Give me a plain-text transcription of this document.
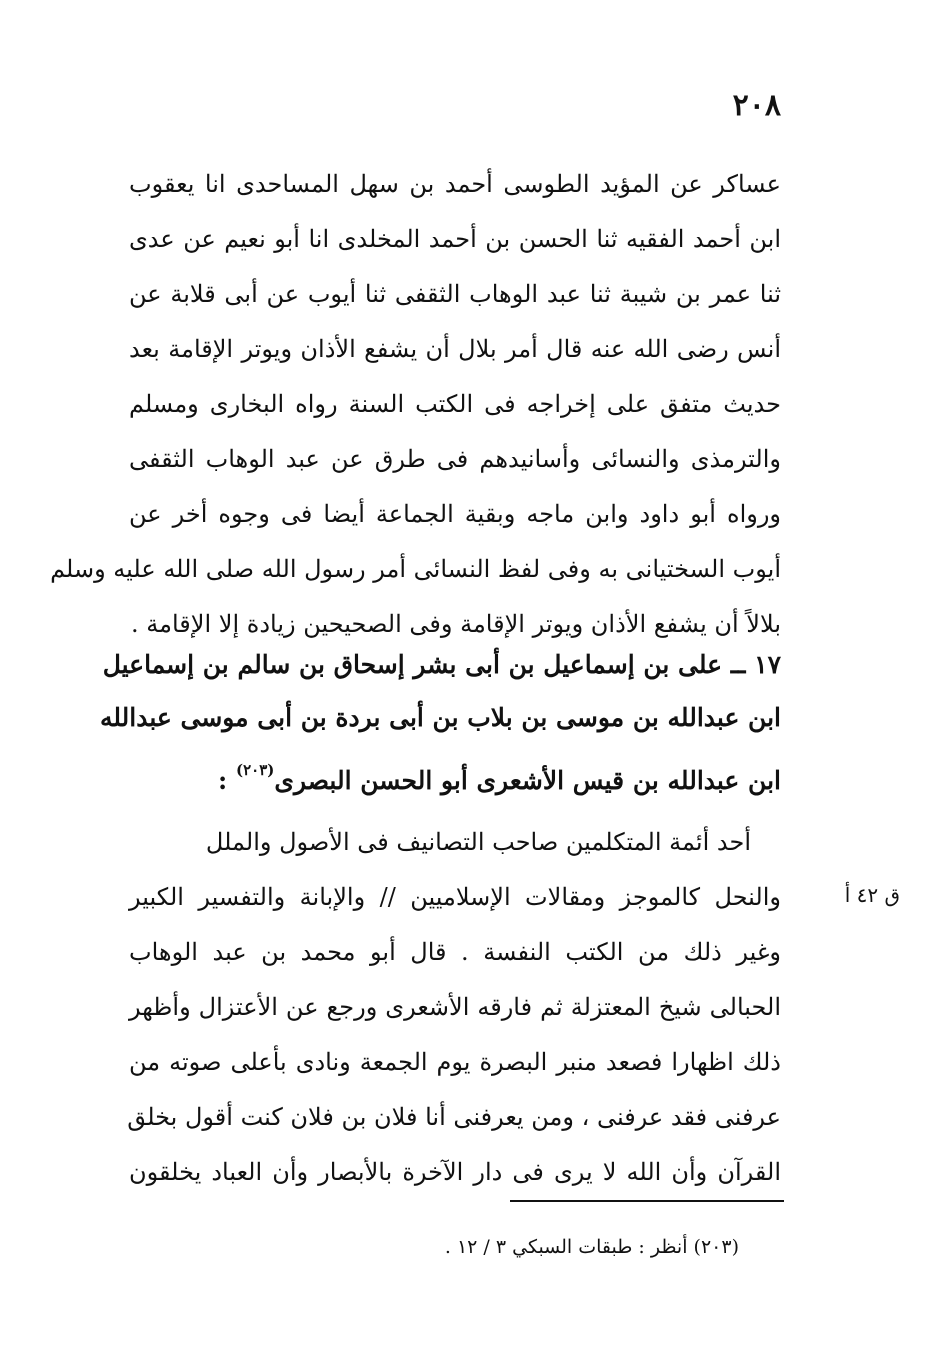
٢٠٨
عساكر عن المؤيد الطوسى أحمد بن سهل المساحدى انا يعقوب
ابن أحمد الفقيه ثنا الحسن بن أحمد المخلدى انا أبو نعيم عن عدى
ثنا عمر بن شيبة ثنا عبد الوهاب الثقفى ثنا أيوب عن أبى قلابة عن
أنس رضى الله عنه قال أمر بلال أن يشفع الأذان ويوتر الإقامة بعد
حديث متفق على إخراجه فى الكتب السنة رواه البخارى ومسلم
والترمذى والنسائى وأسانيدهم فى طرق عن عبد الوهاب الثقفى
ورواه أبو داود وابن ماجه وبقية الجماعة أيضا فى وجوه أخر عن
أيوب السختيانى به وفى لفظ النسائى أمر رسول الله صلى الله عليه وسلم
بلالاً أن يشفع الأذان ويوتر الإقامة وفى الصحيحين زيادة إلا الإقامة .
١٧ ــ على بن إسماعيل بن أبى بشر إسحاق بن سالم بن إسماعيل
ابن عبدالله بن موسى بن بلاب بن أبى بردة بن أبى موسى عبدالله
ابن عبدالله بن قيس الأشعرى أبو الحسن البصرى$^{(٢٠٣)}$ :
أحد أئمة المتكلمين صاحب التصانيف فى الأصول والملل
والنحل كالموجز ومقالات الإسلاميين // والإبانة والتفسير الكبير
وغير ذلك من الكتب النفسة . قال أبو محمد بن عبد الوهاب
الحبالى شيخ المعتزلة ثم فارقه الأشعرى ورجع عن الأعتزال وأظهر
ذلك اظهارا فصعد منبر البصرة يوم الجمعة ونادى بأعلى صوته من
عرفنى فقد عرفنى ، ومن يعرفنى أنا فلان بن فلان كنت أقول بخلق
القرآن وأن الله لا يرى فى دار الآخرة بالأبصار وأن العباد يخلقون
ق ٤٢ أ
(٢٠٣) أنظر : طبقات السبكي ٣ / ١٢ .
